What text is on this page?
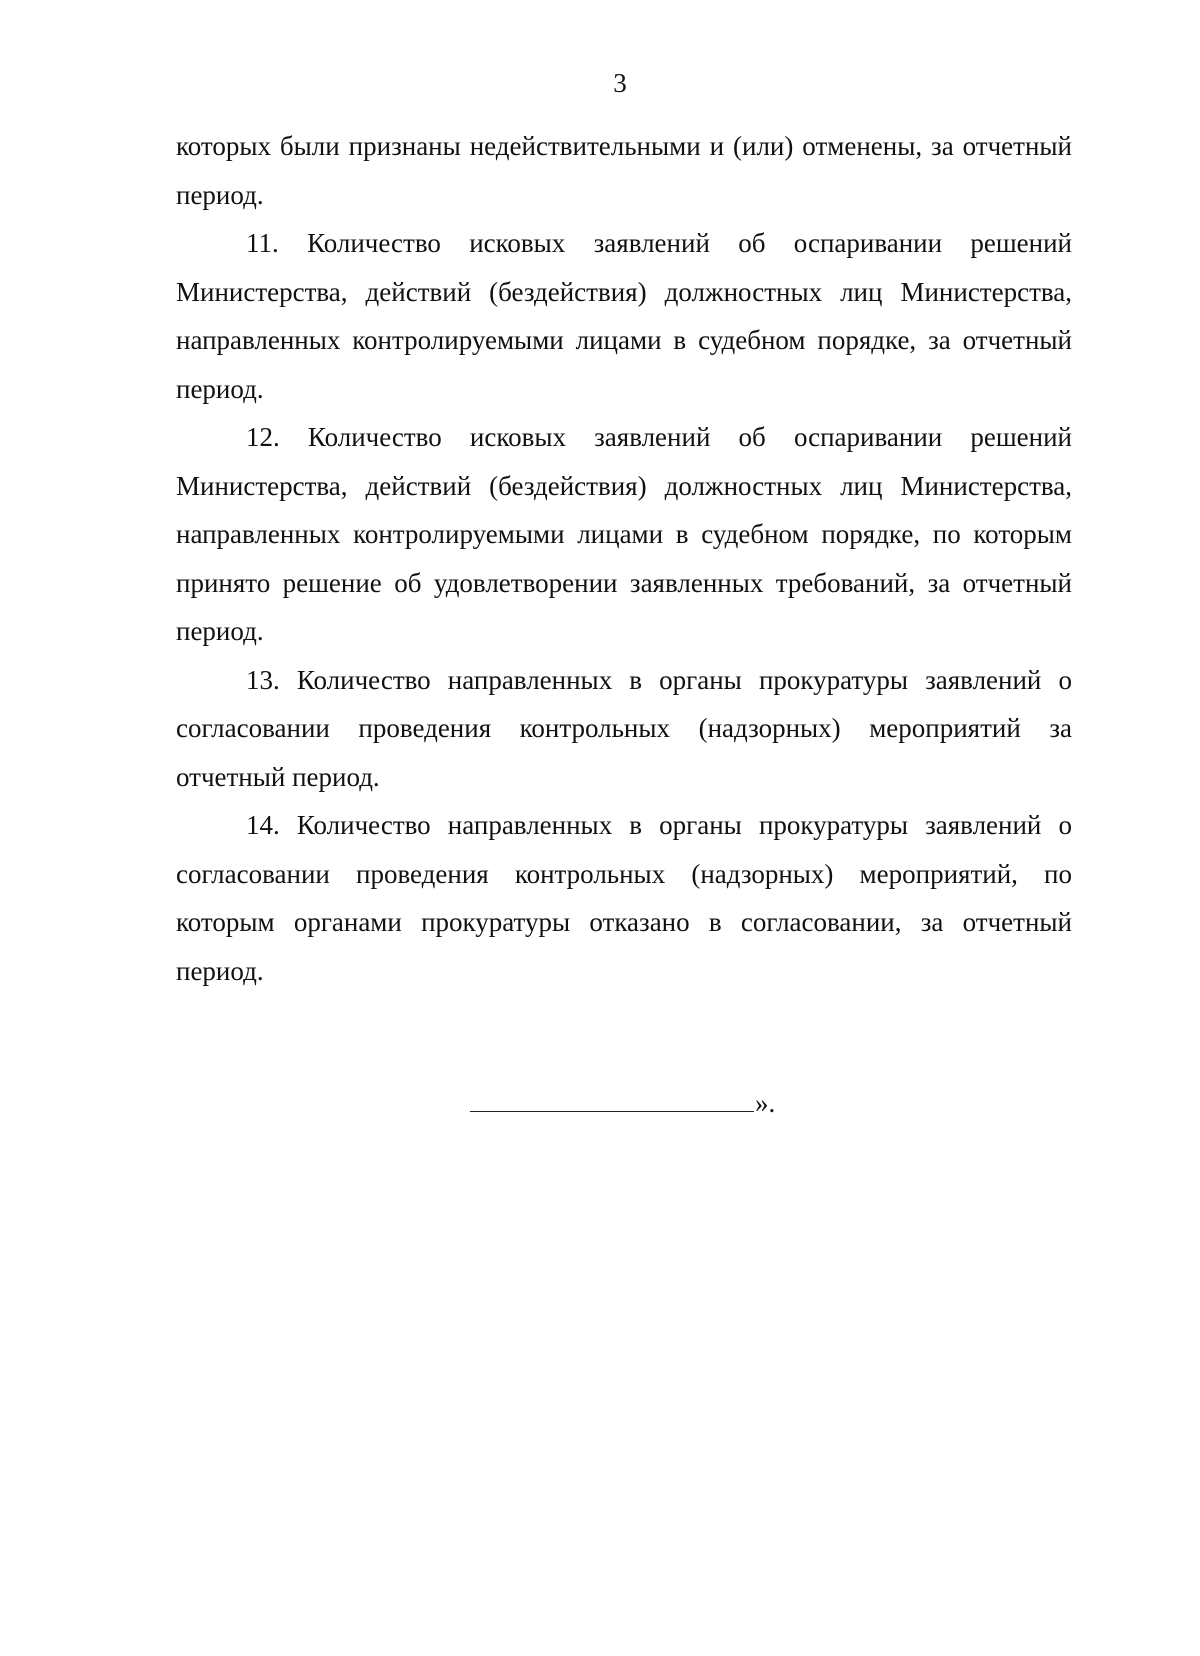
3

которых были признаны недействительными и (или) отменены, за отчетный период.

11. Количество исковых заявлений об оспаривании решений Министерства, действий (бездействия) должностных лиц Министерства, направленных контролируемыми лицами в судебном порядке, за отчетный период.

12. Количество исковых заявлений об оспаривании решений Министерства, действий (бездействия) должностных лиц Министерства, направленных контролируемыми лицами в судебном порядке, по которым принято решение об удовлетворении заявленных требований, за отчетный период.

13. Количество направленных в органы прокуратуры заявлений о согласовании проведения контрольных (надзорных) мероприятий за отчетный период.

14. Количество направленных в органы прокуратуры заявлений о согласовании проведения контрольных (надзорных) мероприятий, по которым органами прокуратуры отказано в согласовании, за отчетный период.

».
